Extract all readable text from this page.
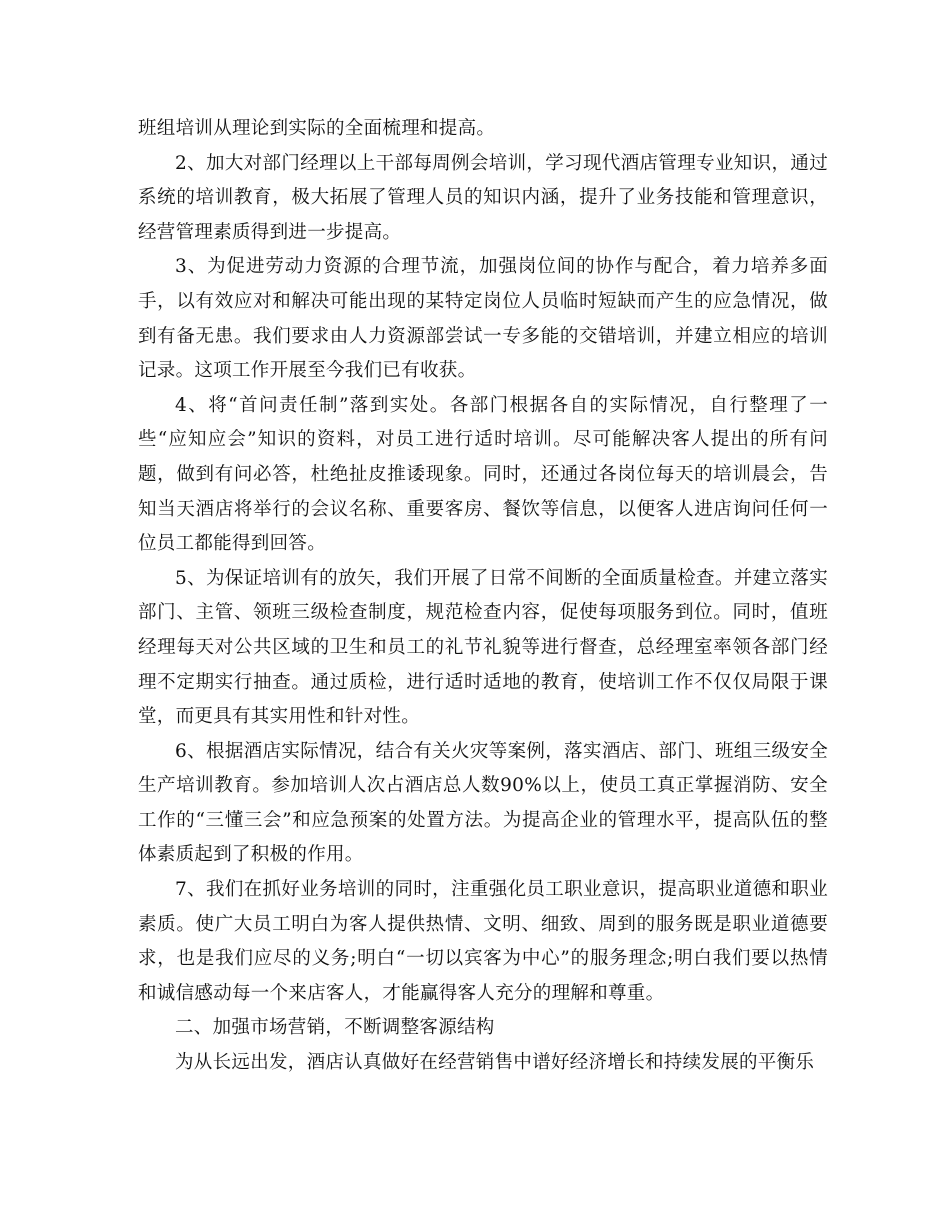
班组培训从理论到实际的全面梳理和提高。

2、加大对部门经理以上干部每周例会培训，学习现代酒店管理专业知识，通过系统的培训教育，极大拓展了管理人员的知识内涵，提升了业务技能和管理意识，经营管理素质得到进一步提高。

3、为促进劳动力资源的合理节流，加强岗位间的协作与配合，着力培养多面手，以有效应对和解决可能出现的某特定岗位人员临时短缺而产生的应急情况，做到有备无患。我们要求由人力资源部尝试一专多能的交错培训，并建立相应的培训记录。这项工作开展至今我们已有收获。

4、将“首问责任制”落到实处。各部门根据各自的实际情况，自行整理了一些“应知应会”知识的资料，对员工进行适时培训。尽可能解决客人提出的所有问题，做到有问必答，杜绝扯皮推诿现象。同时，还通过各岗位每天的培训晨会，告知当天酒店将举行的会议名称、重要客房、餐饮等信息，以便客人进店询问任何一位员工都能得到回答。

5、为保证培训有的放矢，我们开展了日常不间断的全面质量检查。并建立落实部门、主管、领班三级检查制度，规范检查内容，促使每项服务到位。同时，值班经理每天对公共区域的卫生和员工的礼节礼貌等进行督查，总经理室率领各部门经理不定期实行抽查。通过质检，进行适时适地的教育，使培训工作不仅仅局限于课堂，而更具有其实用性和针对性。

6、根据酒店实际情况，结合有关火灾等案例，落实酒店、部门、班组三级安全生产培训教育。参加培训人次占酒店总人数90%以上，使员工真正掌握消防、安全工作的“三懂三会”和应急预案的处置方法。为提高企业的管理水平，提高队伍的整体素质起到了积极的作用。

7、我们在抓好业务培训的同时，注重强化员工职业意识，提高职业道德和职业素质。使广大员工明白为客人提供热情、文明、细致、周到的服务既是职业道德要求，也是我们应尽的义务;明白“一切以宾客为中心”的服务理念;明白我们要以热情和诚信感动每一个来店客人，才能赢得客人充分的理解和尊重。

二、加强市场营销，不断调整客源结构

为从长远出发，酒店认真做好在经营销售中谱好经济增长和持续发展的平衡乐
